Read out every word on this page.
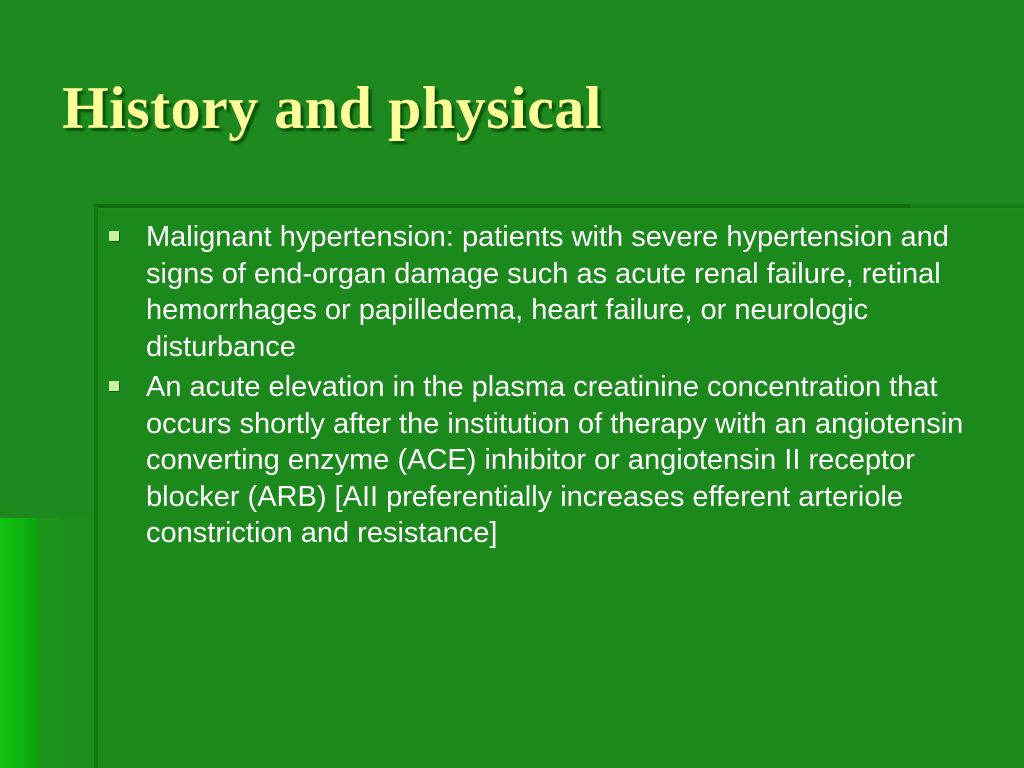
History and physical
Malignant hypertension: patients with severe hypertension and signs of end-organ damage such as acute renal failure, retinal hemorrhages or papilledema, heart failure, or neurologic disturbance
An acute elevation in the plasma creatinine concentration that occurs shortly after the institution of therapy with an angiotensin converting enzyme (ACE) inhibitor or angiotensin II receptor blocker (ARB) [AII preferentially increases efferent arteriole constriction and resistance]
